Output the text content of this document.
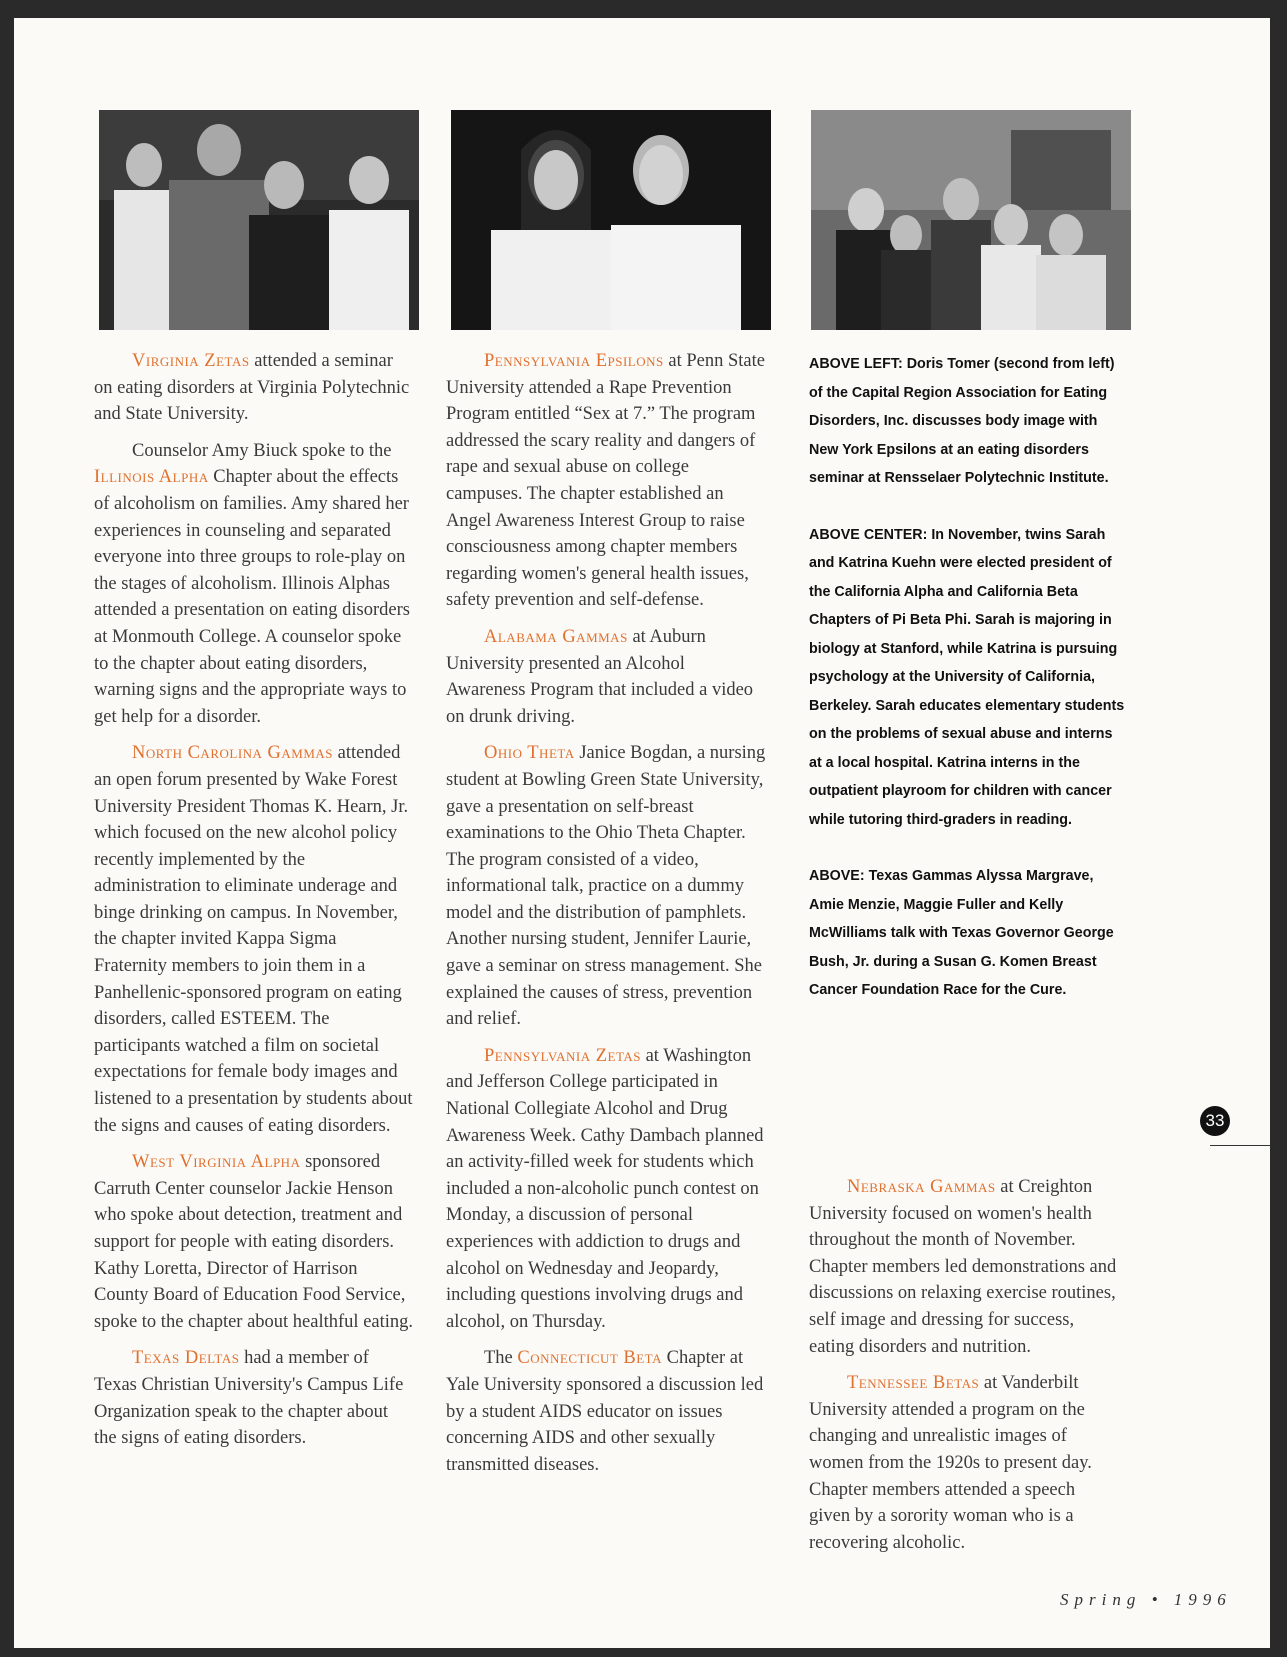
Virginia Zetas attended a seminar on eating disorders at Virginia Polytechnic and State University.

Counselor Amy Biuck spoke to the Illinois Alpha Chapter about the effects of alcoholism on families. Amy shared her experiences in counseling and separated everyone into three groups to role-play on the stages of alcoholism. Illinois Alphas attended a presentation on eating disorders at Monmouth College. A counselor spoke to the chapter about eating disorders, warning signs and the appropriate ways to get help for a disorder.

North Carolina Gammas attended an open forum presented by Wake Forest University President Thomas K. Hearn, Jr. which focused on the new alcohol policy recently implemented by the administration to eliminate underage and binge drinking on campus. In November, the chapter invited Kappa Sigma Fraternity members to join them in a Panhellenic-sponsored program on eating disorders, called ESTEEM. The participants watched a film on societal expectations for female body images and listened to a presentation by students about the signs and causes of eating disorders.

West Virginia Alpha sponsored Carruth Center counselor Jackie Henson who spoke about detection, treatment and support for people with eating disorders. Kathy Loretta, Director of Harrison County Board of Education Food Service, spoke to the chapter about healthful eating.

Texas Deltas had a member of Texas Christian University's Campus Life Organization speak to the chapter about the signs of eating disorders.

Pennsylvania Epsilons at Penn State University attended a Rape Prevention Program entitled “Sex at 7.” The program addressed the scary reality and dangers of rape and sexual abuse on college campuses. The chapter established an Angel Awareness Interest Group to raise consciousness among chapter members regarding women's general health issues, safety prevention and self-defense.

Alabama Gammas at Auburn University presented an Alcohol Awareness Program that included a video on drunk driving.

Ohio Theta Janice Bogdan, a nursing student at Bowling Green State University, gave a presentation on self-breast examinations to the Ohio Theta Chapter. The program consisted of a video, informational talk, practice on a dummy model and the distribution of pamphlets. Another nursing student, Jennifer Laurie, gave a seminar on stress management. She explained the causes of stress, prevention and relief.

Pennsylvania Zetas at Washington and Jefferson College participated in National Collegiate Alcohol and Drug Awareness Week. Cathy Dambach planned an activity-filled week for students which included a non-alcoholic punch contest on Monday, a discussion of personal experiences with addiction to drugs and alcohol on Wednesday and Jeopardy, including questions involving drugs and alcohol, on Thursday.

The Connecticut Beta Chapter at Yale University sponsored a discussion led by a student AIDS educator on issues concerning AIDS and other sexually transmitted diseases.

ABOVE LEFT: Doris Tomer (second from left) of the Capital Region Association for Eating Disorders, Inc. discusses body image with New York Epsilons at an eating disorders seminar at Rensselaer Polytechnic Institute.

ABOVE CENTER: In November, twins Sarah and Katrina Kuehn were elected president of the California Alpha and California Beta Chapters of Pi Beta Phi. Sarah is majoring in biology at Stanford, while Katrina is pursuing psychology at the University of California, Berkeley. Sarah educates elementary students on the problems of sexual abuse and interns at a local hospital. Katrina interns in the outpatient playroom for children with cancer while tutoring third-graders in reading.

ABOVE: Texas Gammas Alyssa Margrave, Amie Menzie, Maggie Fuller and Kelly McWilliams talk with Texas Governor George Bush, Jr. during a Susan G. Komen Breast Cancer Foundation Race for the Cure.

Nebraska Gammas at Creighton University focused on women's health throughout the month of November. Chapter members led demonstrations and discussions on relaxing exercise routines, self image and dressing for success, eating disorders and nutrition.

Tennessee Betas at Vanderbilt University attended a program on the changing and unrealistic images of women from the 1920s to present day. Chapter members attended a speech given by a sorority woman who is a recovering alcoholic.

33
Spring • 1996
